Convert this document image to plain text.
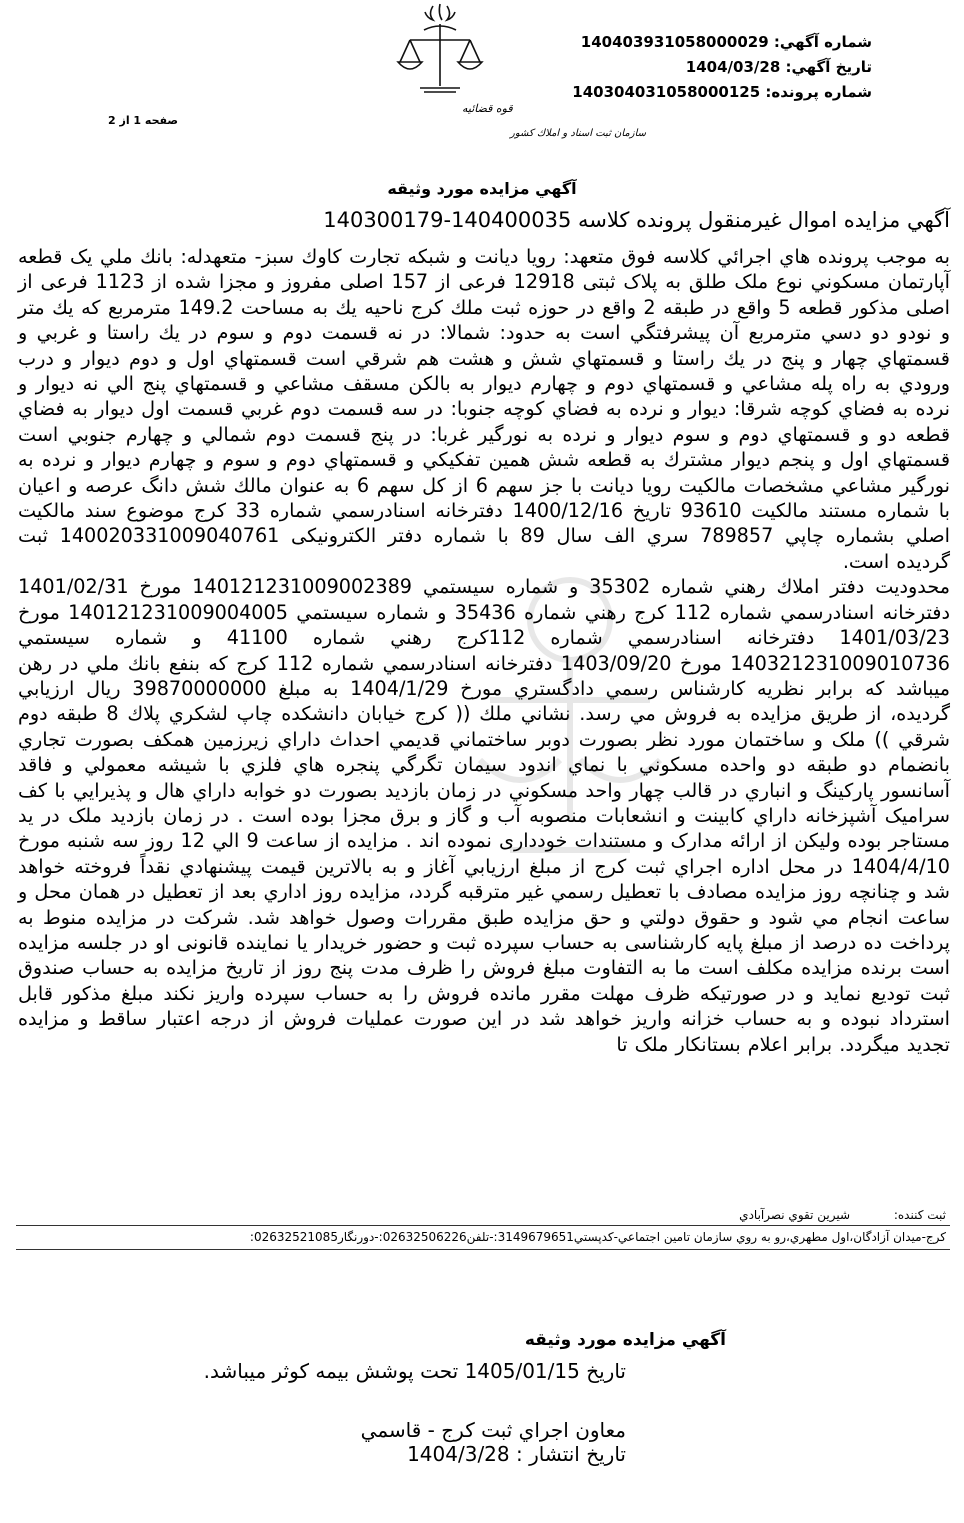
شماره آگهي: 14040393105800​0029
تاريخ آگهي: 1404/03/28
شماره پرونده: 14030403105800​0125
صفحه 1 از 2
قوه قضائيه
سازمان ثبت اسناد و املاك كشور
آگهي مزايده مورد وثيقه
آگهي مزايده اموال غيرمنقول پرونده كلاسه 140400035-140300179

به موجب پرونده هاي اجرائي كلاسه فوق متعهد: رويا ديانت و شبكه تجارت كاوك سبز- متعهدله: بانك ملي يک قطعه آپارتمان مسکوني نوع ملک طلق به پلاک ثبتی 12918 فرعی از 157 اصلی مفروز و مجزا شده از 1123 فرعی از اصلی مذکور قطعه 5 واقع در طبقه 2 واقع در حوزه ثبت ملك كرج ناحيه يك به مساحت 149.2 مترمربع كه يك متر و نودو دو دسي مترمربع آن پيشرفتگي است به حدود: شمالا: در نه قسمت دوم و سوم در يك راستا و غربي و قسمتهاي چهار و پنج در يك راستا و قسمتهاي شش و هشت هم شرقي است قسمتهاي اول و دوم ديوار و درب ورودي به راه پله مشاعي و قسمتهاي دوم و چهارم ديوار به بالكن مسقف مشاعي و قسمتهاي پنج الي نه ديوار و نرده به فضاي كوچه شرقا: ديوار و نرده به فضاي كوچه جنوبا: در سه قسمت دوم غربي قسمت اول ديوار به فضاي قطعه دو و قسمتهاي دوم و سوم ديوار و نرده به نورگير غربا: در پنج قسمت دوم شمالي و چهارم جنوبي است قسمتهاي اول و پنجم ديوار مشترك به قطعه شش همين تفكيكي و قسمتهاي دوم و سوم و چهارم ديوار و نرده به نورگير مشاعي مشخصات مالكيت رويا ديانت با جز سهم 6 از كل سهم 6 به عنوان مالك شش دانگ عرصه و اعيان با شماره مستند مالكيت 93610 تاريخ 1400/12/16 دفترخانه اسنادرسمي شماره 33 كرج موضوع سند مالكيت اصلي بشماره چاپي 789857 سري الف سال 89 با شماره دفتر الكترونيكی 140020331009040761 ثبت گرديده است.

محدوديت دفتر املاك رهني شماره 35302 و شماره سيستمي 140121231009002389 مورخ 1401/02/31 دفترخانه اسنادرسمي شماره 112 كرج رهني شماره 35436 و شماره سيستمي 140121231009004005 مورخ 1401/03/23 دفترخانه اسنادرسمي شماره 112كرج رهني شماره 41100 و شماره سيستمي 140321231009010736 مورخ 1403/09/20 دفترخانه اسنادرسمي شماره 112 كرج كه بنفع بانك ملي در رهن ميباشد كه برابر نظريه كارشناس رسمي دادگستري مورخ 1404/1/29 به مبلغ 39870000000 ريال ارزيابي گرديده، از طريق مزايده به فروش مي رسد. نشاني ملك (( كرج خيابان دانشكده چاپ لشكري پلاك 8 طبقه دوم شرقي )) ملک و ساختمان مورد نظر بصورت دوبر ساختماني قديمي احداث داراي زيرزمين همكف بصورت تجاري بانضمام دو طبقه دو واحده مسكوني با نماي اندود سيمان تگرگي پنجره هاي فلزي با شيشه معمولي و فاقد آسانسور پاركينگ و انباري در قالب چهار واحد مسكوني در زمان بازديد بصورت دو خوابه داراي هال و پذيرايي با كف سراميک آشپزخانه داراي كابينت و انشعابات منصوبه آب و گاز و برق مجزا بوده است . در زمان بازديد ملک در يد مستاجر بوده وليكن از ارائه مدارک و مستندات خودداری نموده اند . مزايده از ساعت 9 الي 12 روز سه شنبه مورخ 1404/4/10 در محل اداره اجراي ثبت كرج از مبلغ ارزيابي آغاز و به بالاترين قيمت پيشنهادي نقداً فروخته خواهد شد و چنانچه روز مزايده مصادف با تعطيل رسمي غير مترقبه گردد، مزايده روز اداري بعد از تعطيل در همان محل و ساعت انجام مي شود و حقوق دولتي و حق مزايده طبق مقررات وصول خواهد شد. شركت در مزايده منوط به پرداخت ده درصد از مبلغ پايه كارشناسی به حساب سپرده ثبت و حضور خريدار يا نماينده قانونی او در جلسه مزايده است برنده مزايده مكلف است ما به التفاوت مبلغ فروش را ظرف مدت پنج روز از تاريخ مزايده به حساب صندوق ثبت توديع نمايد و در صورتيكه ظرف مهلت مقرر مانده فروش را به حساب سپرده واريز نكند مبلغ مذكور قابل استرداد نبوده و به حساب خزانه واريز خواهد شد در اين صورت عمليات فروش از درجه اعتبار ساقط و مزايده تجديد ميگردد. برابر اعلام بستانكار ملک تا

ثبت كننده: شيرين تقوي نصرآبادي
كرج-ميدان آزادگان،اول مطهري،رو به روي سازمان تامين اجتماعي-كدپستي3149679651:-تلفن02632506226:-دورنگار02632521085:
آگهي مزايده مورد وثيقه
تاريخ 1405/01/15 تحت پوشش بيمه كوثر ميباشد.
معاون اجراي ثبت كرج - قاسمي
تاريخ انتشار : 1404/3/28
